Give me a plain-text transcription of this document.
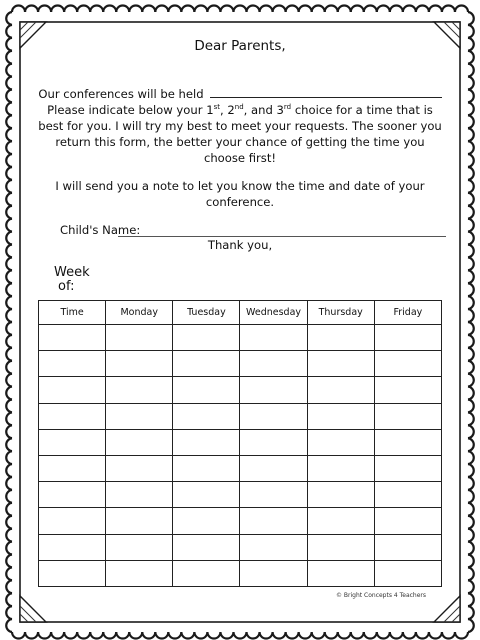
Dear Parents,
Our conferences will be held
Please indicate below your 1st, 2nd, and 3rd choice for a time that is best for you. I will try my best to meet your requests. The sooner you return this form, the better your chance of getting the time you choose first!
I will send you a note to let you know the time and date of your conference.
Child's Name:
Thank you,
Week
of:
Time	Monday	Tuesday	Wednesday	Thursday	Friday

© Bright Concepts 4 Teachers
